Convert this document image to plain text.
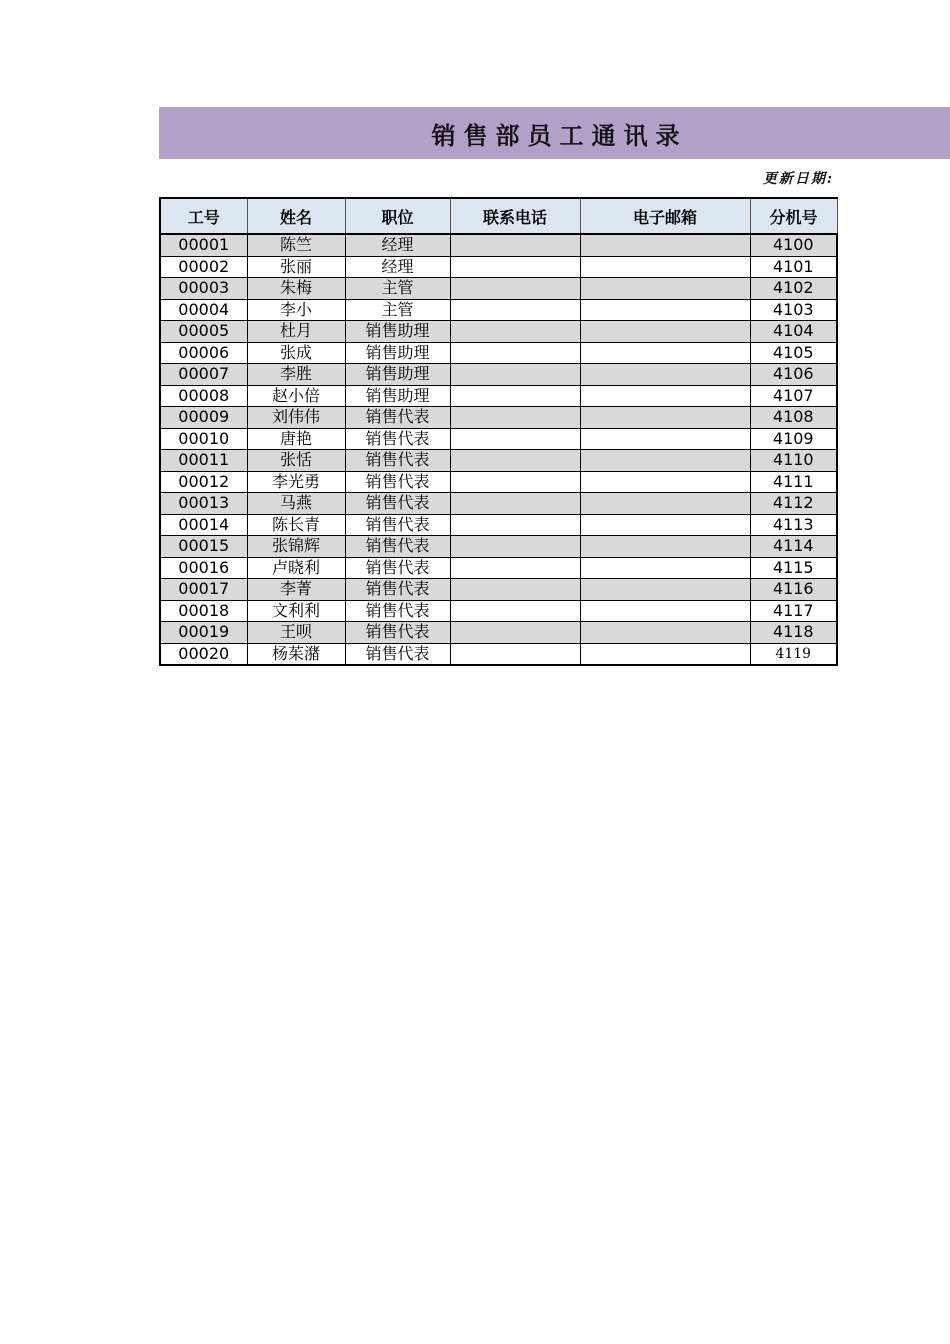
销售部员工通讯录
更新日期:
工号	姓名	职位	联系电话	电子邮箱	分机号
00001	陈竺	经理			4100
00002	张丽	经理			4101
00003	朱梅	主管			4102
00004	李小	主管			4103
00005	杜月	销售助理			4104
00006	张成	销售助理			4105
00007	李胜	销售助理			4106
00008	赵小倍	销售助理			4107
00009	刘伟伟	销售代表			4108
00010	唐艳	销售代表			4109
00011	张恬	销售代表			4110
00012	李光勇	销售代表			4111
00013	马燕	销售代表			4112
00014	陈长青	销售代表			4113
00015	张锦辉	销售代表			4114
00016	卢晓利	销售代表			4115
00017	李菁	销售代表			4116
00018	文利利	销售代表			4117
00019	王呗	销售代表			4118
00020	杨茱潴	销售代表			4119
